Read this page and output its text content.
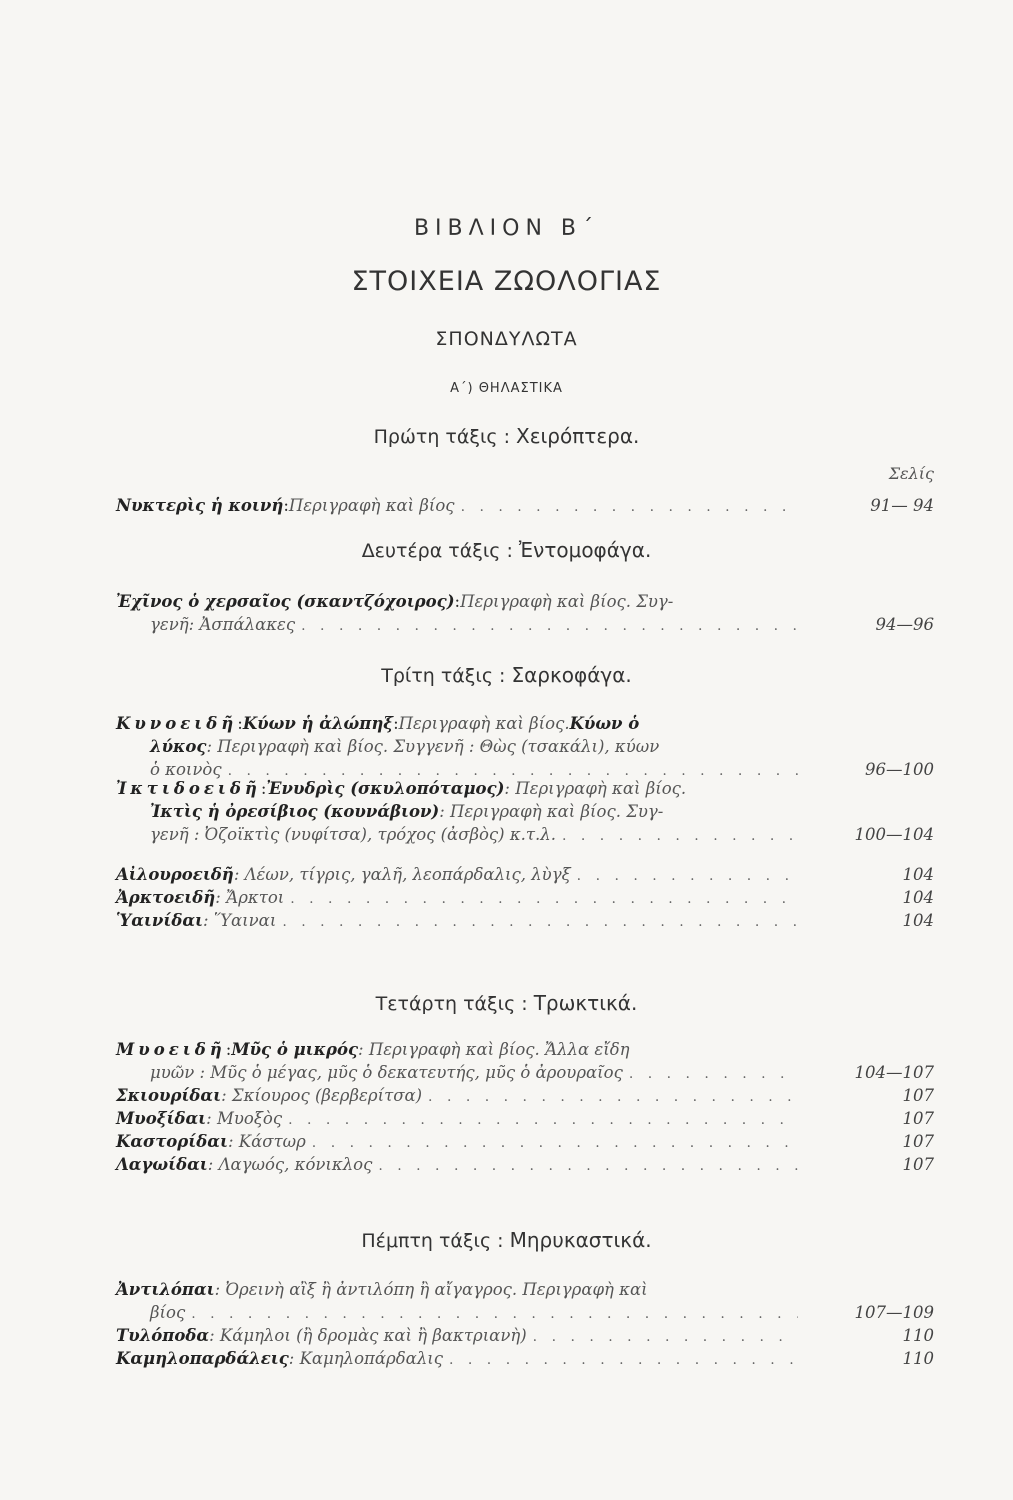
ΒΙΒΛΙΟΝ Β΄
ΣΤΟΙΧΕΙΑ ΖΩΟΛΟΓΙΑΣ
ΣΠΟΝΔΥΛΩΤΑ
Α΄) ΘΗΛΑΣΤΙΚΑ
Πρώτη τάξις : Χειρόπτερα.
Σελίς
Νυκτερὶς ἡ κοινή : Περιγραφὴ καὶ βίος . . .	91— 94
Δευτέρα τάξις : Ἐντομοφάγα.
Ἐχῖνος ὁ χερσαῖος (σκαντζόχοιρος) : Περιγραφὴ καὶ βίος. Συγ-
γενῆ : Ἀσπάλακες . . .	94—96
Τρίτη τάξις : Σαρκοφάγα.
Κυνοειδῆ : Κύων ἡ ἀλώπηξ : Περιγραφὴ καὶ βίος. Κύων ὁ
λύκος : Περιγραφὴ καὶ βίος. Συγγενῆ : Θὼς (τσακάλι), κύων
ὁ κοινὸς . . .	96—100
Ἰκτιδοειδῆ : Ἐνυδρὶς (σκυλοπόταμος) : Περιγραφὴ καὶ βίος.
Ἰκτὶς ἡ ὀρεσίβιος (κουνάβιον) : Περιγραφὴ καὶ βίος. Συγ-
γενῆ : Ὀζοϊκτὶς (νυφίτσα), τρόχος (ἀσβὸς) κ.τ.λ. . . .	100—104
Αἰλουροειδῆ : Λέων, τίγρις, γαλῆ, λεοπάρδαλις, λὺγξ . . .	104
Ἀρκτοειδῆ : Ἄρκτοι . . .	104
Ὑαινίδαι : Ὕαιναι . . .	104
Τετάρτη τάξις : Τρωκτικά.
Μυοειδῆ : Μῦς ὁ μικρός : Περιγραφὴ καὶ βίος. Ἄλλα εἴδη
μυῶν : Μῦς ὁ μέγας, μῦς ὁ δεκατευτής, μῦς ὁ ἀρουραῖος . . .	104—107
Σκιουρίδαι : Σκίουρος (βερβερίτσα) . . .	107
Μυοξίδαι : Μυοξὸς . . .	107
Καστορίδαι : Κάστωρ . . .	107
Λαγωίδαι : Λαγωός, κόνικλος . . .	107
Πέμπτη τάξις : Μηρυκαστικά.
Ἀντιλόπαι : Ὀρεινὴ αἲξ ἢ ἀντιλόπη ἢ αἴγαγρος. Περιγραφὴ καὶ
βίος . . .	107—109
Τυλόποδα : Κάμηλοι (ἢ δρομὰς καὶ ἢ βακτριανὴ) . . .	110
Καμηλοπαρδάλεις : Καμηλοπάρδαλις . . .	110
